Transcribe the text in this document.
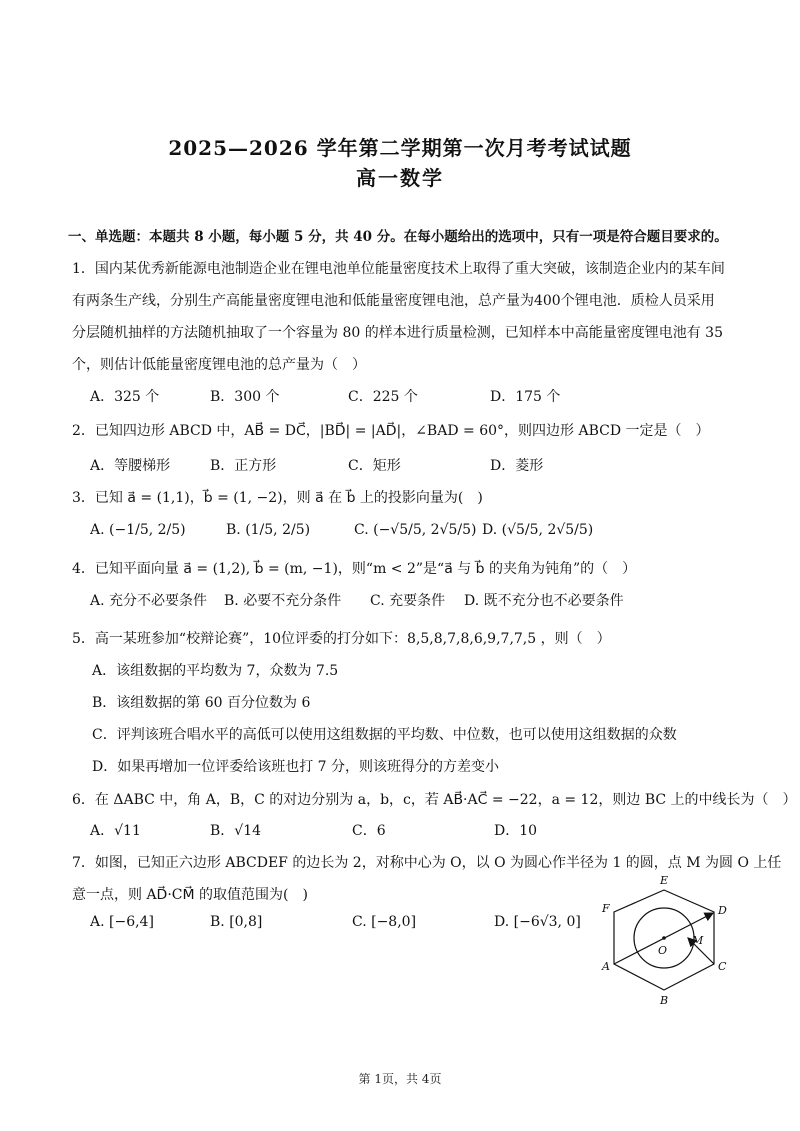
2025—2026 学年第二学期第一次月考考试试题
高一数学
一、单选题：本题共 8 小题，每小题 5 分，共 40 分。在每小题给出的选项中，只有一项是符合题目要求的。
1．国内某优秀新能源电池制造企业在锂电池单位能量密度技术上取得了重大突破，该制造企业内的某车间
有两条生产线，分别生产高能量密度锂电池和低能量密度锂电池，总产量为400个锂电池．质检人员采用
分层随机抽样的方法随机抽取了一个容量为 80 的样本进行质量检测，已知样本中高能量密度锂电池有 35
个，则估计低能量密度锂电池的总产量为（　）
A．325 个	B．300 个	C．225 个	D．175 个
2．已知四边形 ABCD 中，AB⃗ = DC⃗，|BD⃗| = |AD⃗|，∠BAD = 60°，则四边形 ABCD 一定是（　）
A．等腰梯形	B．正方形	C．矩形	D．菱形
3．已知 a⃗ = (1,1)，b⃗ = (1, −2)，则 a⃗ 在 b⃗ 上的投影向量为(　)
A. (−1/5, 2/5)	B. (1/5, 2/5)	C. (−√5/5, 2√5/5) D. (√5/5, 2√5/5)
4．已知平面向量 a⃗ = (1,2), b⃗ = (m, −1)，则“m < 2”是“a⃗ 与 b⃗ 的夹角为钝角”的（　）
A. 充分不必要条件 B. 必要不充分条件 C. 充要条件 D. 既不充分也不必要条件
5．高一某班参加“校辩论赛”，10位评委的打分如下：8,5,8,7,8,6,9,7,7,5 ，则（　）
A．该组数据的平均数为 7，众数为 7.5
B．该组数据的第 60 百分位数为 6
C．评判该班合唱水平的高低可以使用这组数据的平均数、中位数，也可以使用这组数据的众数
D．如果再增加一位评委给该班也打 7 分，则该班得分的方差变小
6．在 ΔABC 中，角 A，B，C 的对边分别为 a，b，c，若 AB⃗·AC⃗ = −22，a = 12，则边 BC 上的中线长为（　）
A．√11	B．√14	C．6	D．10
7．如图，已知正六边形 ABCDEF 的边长为 2，对称中心为 O，以 O 为圆心作半径为 1 的圆，点 M 为圆 O 上任
意一点，则 AD⃗·CM⃗ 的取值范围为(　)
A. [−6,4]	B. [0,8]	C. [−8,0]	D. [−6√3, 0]
E
F	D
O
M
A	C
B
第 1页，共 4页
